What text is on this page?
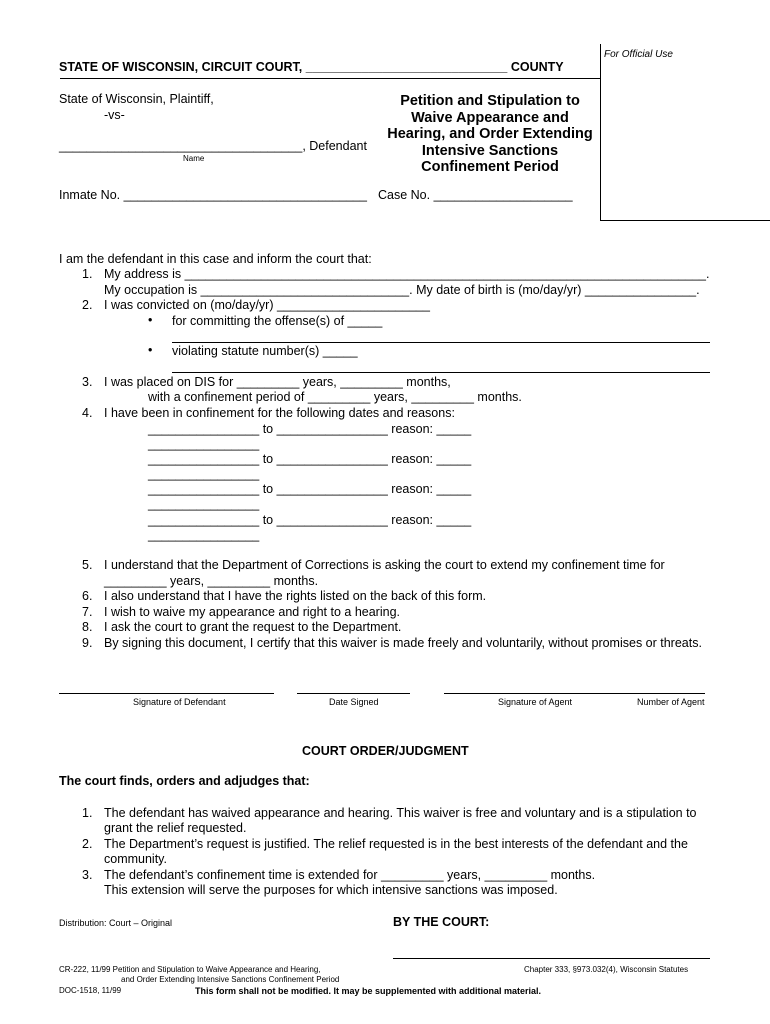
STATE OF WISCONSIN, CIRCUIT COURT, _____________________________ COUNTY
For Official Use
State of Wisconsin, Plaintiff,
-vs-
___________________________________, Defendant
Name
Inmate No. ___________________________________ Case No. ____________________
Petition and Stipulation to
Waive Appearance and
Hearing, and Order Extending
Intensive Sanctions
Confinement Period
I am the defendant in this case and inform the court that:
1. My address is ___________________________________________________________________________.
My occupation is ______________________________. My date of birth is (mo/day/yr) ________________.
2. I was convicted on (mo/day/yr) ______________________
• for committing the offense(s) of _____
• violating statute number(s) _____
3. I was placed on DIS for _________ years, _________ months,
with a confinement period of _________ years, _________ months.
4. I have been in confinement for the following dates and reasons:
________________ to ________________ reason: _____
________________
________________ to ________________ reason: _____
________________
________________ to ________________ reason: _____
________________
________________ to ________________ reason: _____
________________
5. I understand that the Department of Corrections is asking the court to extend my confinement time for
_________ years, _________ months.
6. I also understand that I have the rights listed on the back of this form.
7. I wish to waive my appearance and right to a hearing.
8. I ask the court to grant the request to the Department.
9. By signing this document, I certify that this waiver is made freely and voluntarily, without promises or threats.
Signature of Defendant	Date Signed	Signature of Agent	Number of Agent
COURT ORDER/JUDGMENT
The court finds, orders and adjudges that:
1. The defendant has waived appearance and hearing. This waiver is free and voluntary and is a stipulation to
grant the relief requested.
2. The Department’s request is justified. The relief requested is in the best interests of the defendant and the
community.
3. The defendant’s confinement time is extended for _________ years, _________ months.
This extension will serve the purposes for which intensive sanctions was imposed.
Distribution: Court – Original	BY THE COURT:
CR-222, 11/99 Petition and Stipulation to Waive Appearance and Hearing,
and Order Extending Intensive Sanctions Confinement Period
Chapter 333, §973.032(4), Wisconsin Statutes
DOC-1518, 11/99	This form shall not be modified. It may be supplemented with additional material.
